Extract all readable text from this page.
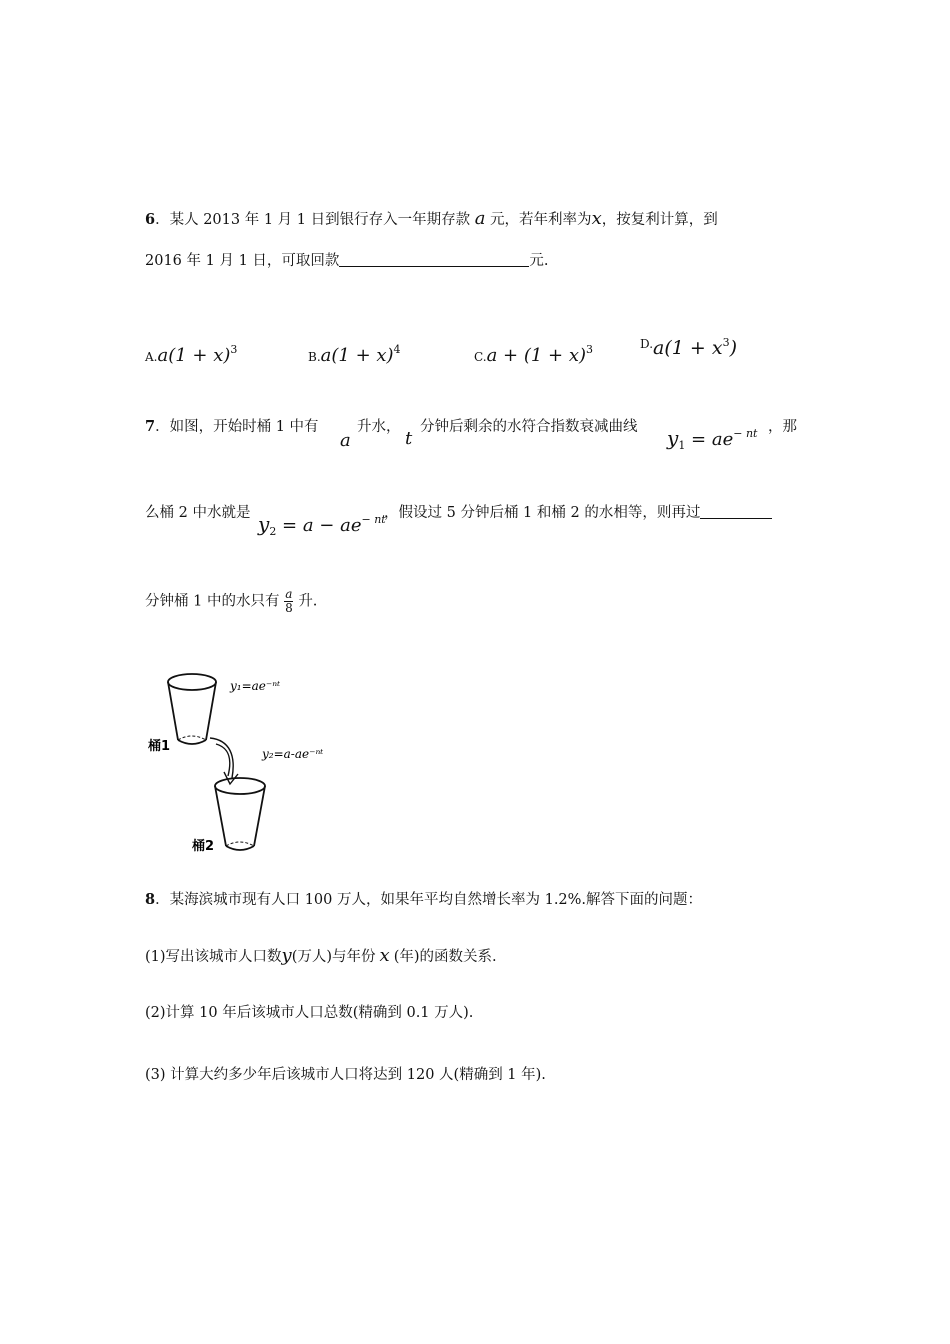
6．某人 2013 年 1 月 1 日到银行存入一年期存款 a 元，若年利率为x，按复利计算，到
2016 年 1 月 1 日，可取回款	元.
$A.a(1 + x)^3$
$B.a(1 + x)^4$
$C.a + (1 + x)^3$	$^{D.}a(1 + x^3)$
7．如图，开始时桶 1 中有
a
升水，
t
分钟后剩余的水符合指数衰减曲线 $y_1 = ae^{- nt}$ ，那
么桶 2 中水就是 $y_2 = a - ae^{- nt}$
，假设过 5 分钟后桶 1 和桶 2 的水相等，则再过
分钟桶 1 中的水只有 $\frac{a}{8}$ 升.
桶1
桶2
y₁=ae⁻ⁿᵗ
y₂=a-ae⁻ⁿᵗ
8．某海滨城市现有人口 100 万人，如果年平均自然增长率为 1.2%.解答下面的问题：
(1)写出该城市人口数y(万人)与年份 x (年)的函数关系.
(2)计算 10 年后该城市人口总数(精确到 0.1 万人).
(3) 计算大约多少年后该城市人口将达到 120 人(精确到 1 年).
